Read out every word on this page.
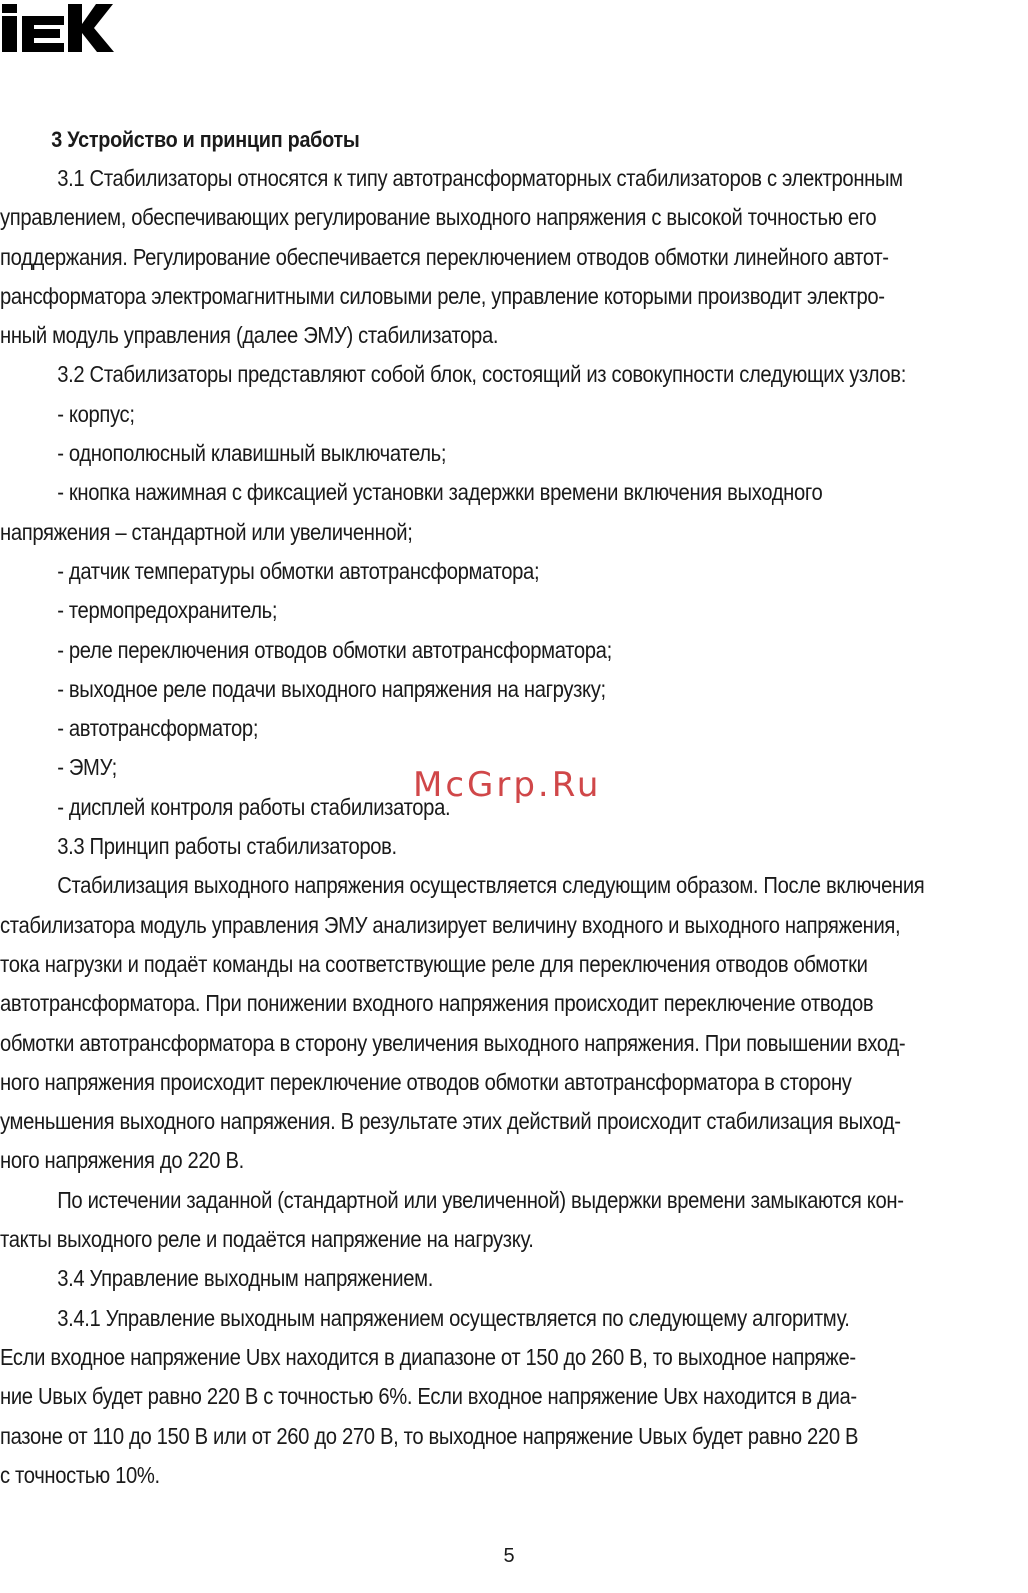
3 Устройство и принцип работы
3.1 Стабилизаторы относятся к типу автотрансформаторных стабилизаторов с электронным
управлением, обеспечивающих регулирование выходного напряжения с высокой точностью его
поддержания. Регулирование обеспечивается переключением отводов обмотки линейного автот-
рансформатора электромагнитными силовыми реле, управление которыми производит электро-
нный модуль управления (далее ЭМУ) стабилизатора.
3.2 Стабилизаторы представляют собой блок, состоящий из совокупности следующих узлов:
- корпус;
- однополюсный клавишный выключатель;
- кнопка нажимная с фиксацией установки задержки времени включения выходного
напряжения – стандартной или увеличенной;
- датчик температуры обмотки автотрансформатора;
- термопредохранитель;
- реле переключения отводов обмотки автотрансформатора;
- выходное реле подачи выходного напряжения на нагрузку;
- автотрансформатор;
- ЭМУ;
- дисплей контроля работы стабилизатора.
3.3 Принцип работы стабилизаторов.
Стабилизация выходного напряжения осуществляется следующим образом. После включения
стабилизатора модуль управления ЭМУ анализирует величину входного и выходного напряжения,
тока нагрузки и подаёт команды на соответствующие реле для переключения отводов обмотки
автотрансформатора. При понижении входного напряжения происходит переключение отводов
обмотки автотрансформатора в сторону увеличения выходного напряжения. При повышении вход-
ного напряжения происходит переключение отводов обмотки автотрансформатора в сторону
уменьшения выходного напряжения. В результате этих действий происходит стабилизация выход-
ного напряжения до 220 В.
По истечении заданной (стандартной или увеличенной) выдержки времени замыкаются кон-
такты выходного реле и подаётся напряжение на нагрузку.
3.4 Управление выходным напряжением.
3.4.1 Управление выходным напряжением осуществляется по следующему алгоритму.
Если входное напряжение Uвх находится в диапазоне от 150 до 260 В, то выходное напряже-
ние Uвых будет равно 220 В с точностью 6%. Если входное напряжение Uвх находится в диа-
пазоне от 110 до 150 В или от 260 до 270 В, то выходное напряжение Uвых будет равно 220 В
с точностью 10%.
McGrp.Ru
5
